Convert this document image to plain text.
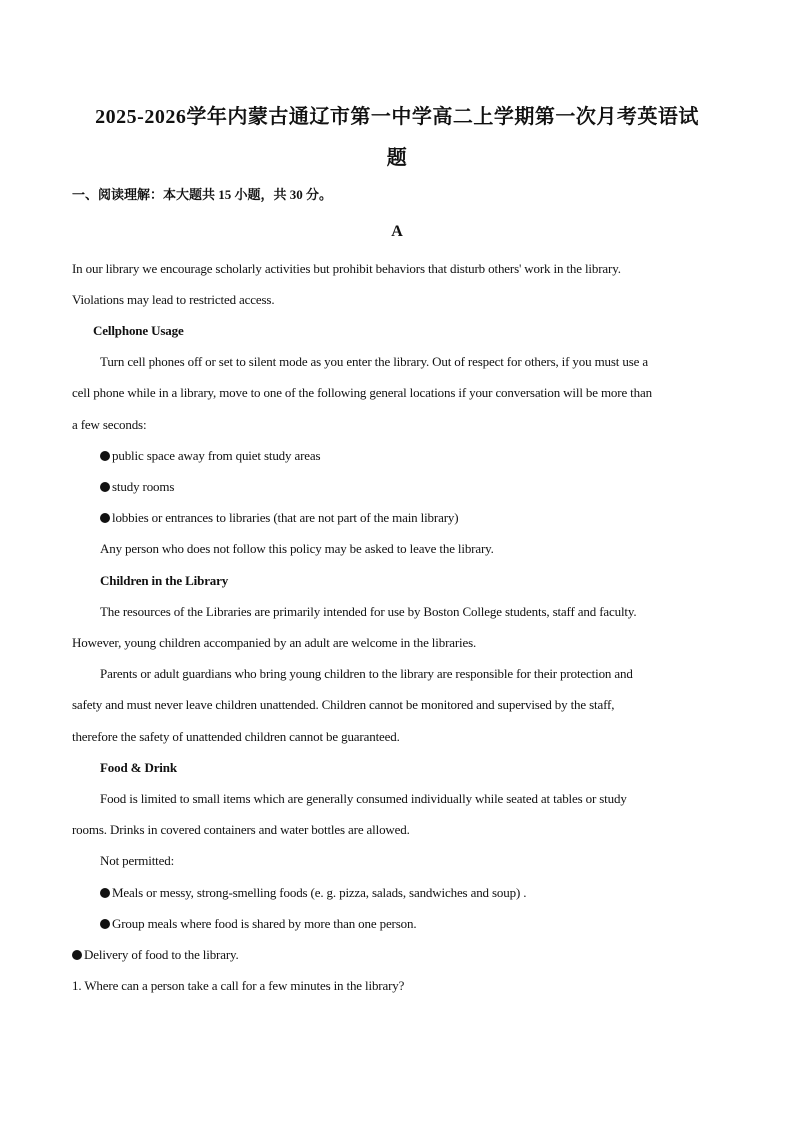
2025-2026学年内蒙古通辽市第一中学高二上学期第一次月考英语试
题
一、阅读理解：本大题共 15 小题，共 30 分。
A
In our library we encourage scholarly activities but prohibit behaviors that disturb others' work in the library.
Violations may lead to restricted access.
Cellphone Usage
Turn cell phones off or set to silent mode as you enter the library. Out of respect for others, if you must use a
cell phone while in a library, move to one of the following general locations if your conversation will be more than
a few seconds:
public space away from quiet study areas
study rooms
lobbies or entrances to libraries (that are not part of the main library)
Any person who does not follow this policy may be asked to leave the library.
Children in the Library
The resources of the Libraries are primarily intended for use by Boston College students, staff and faculty.
However, young children accompanied by an adult are welcome in the libraries.
Parents or adult guardians who bring young children to the library are responsible for their protection and
safety and must never leave children unattended. Children cannot be monitored and supervised by the staff,
therefore the safety of unattended children cannot be guaranteed.
Food & Drink
Food is limited to small items which are generally consumed individually while seated at tables or study
rooms. Drinks in covered containers and water bottles are allowed.
Not permitted:
Meals or messy, strong-smelling foods (e. g. pizza, salads, sandwiches and soup) .
Group meals where food is shared by more than one person.
Delivery of food to the library.
1. Where can a person take a call for a few minutes in the library?
